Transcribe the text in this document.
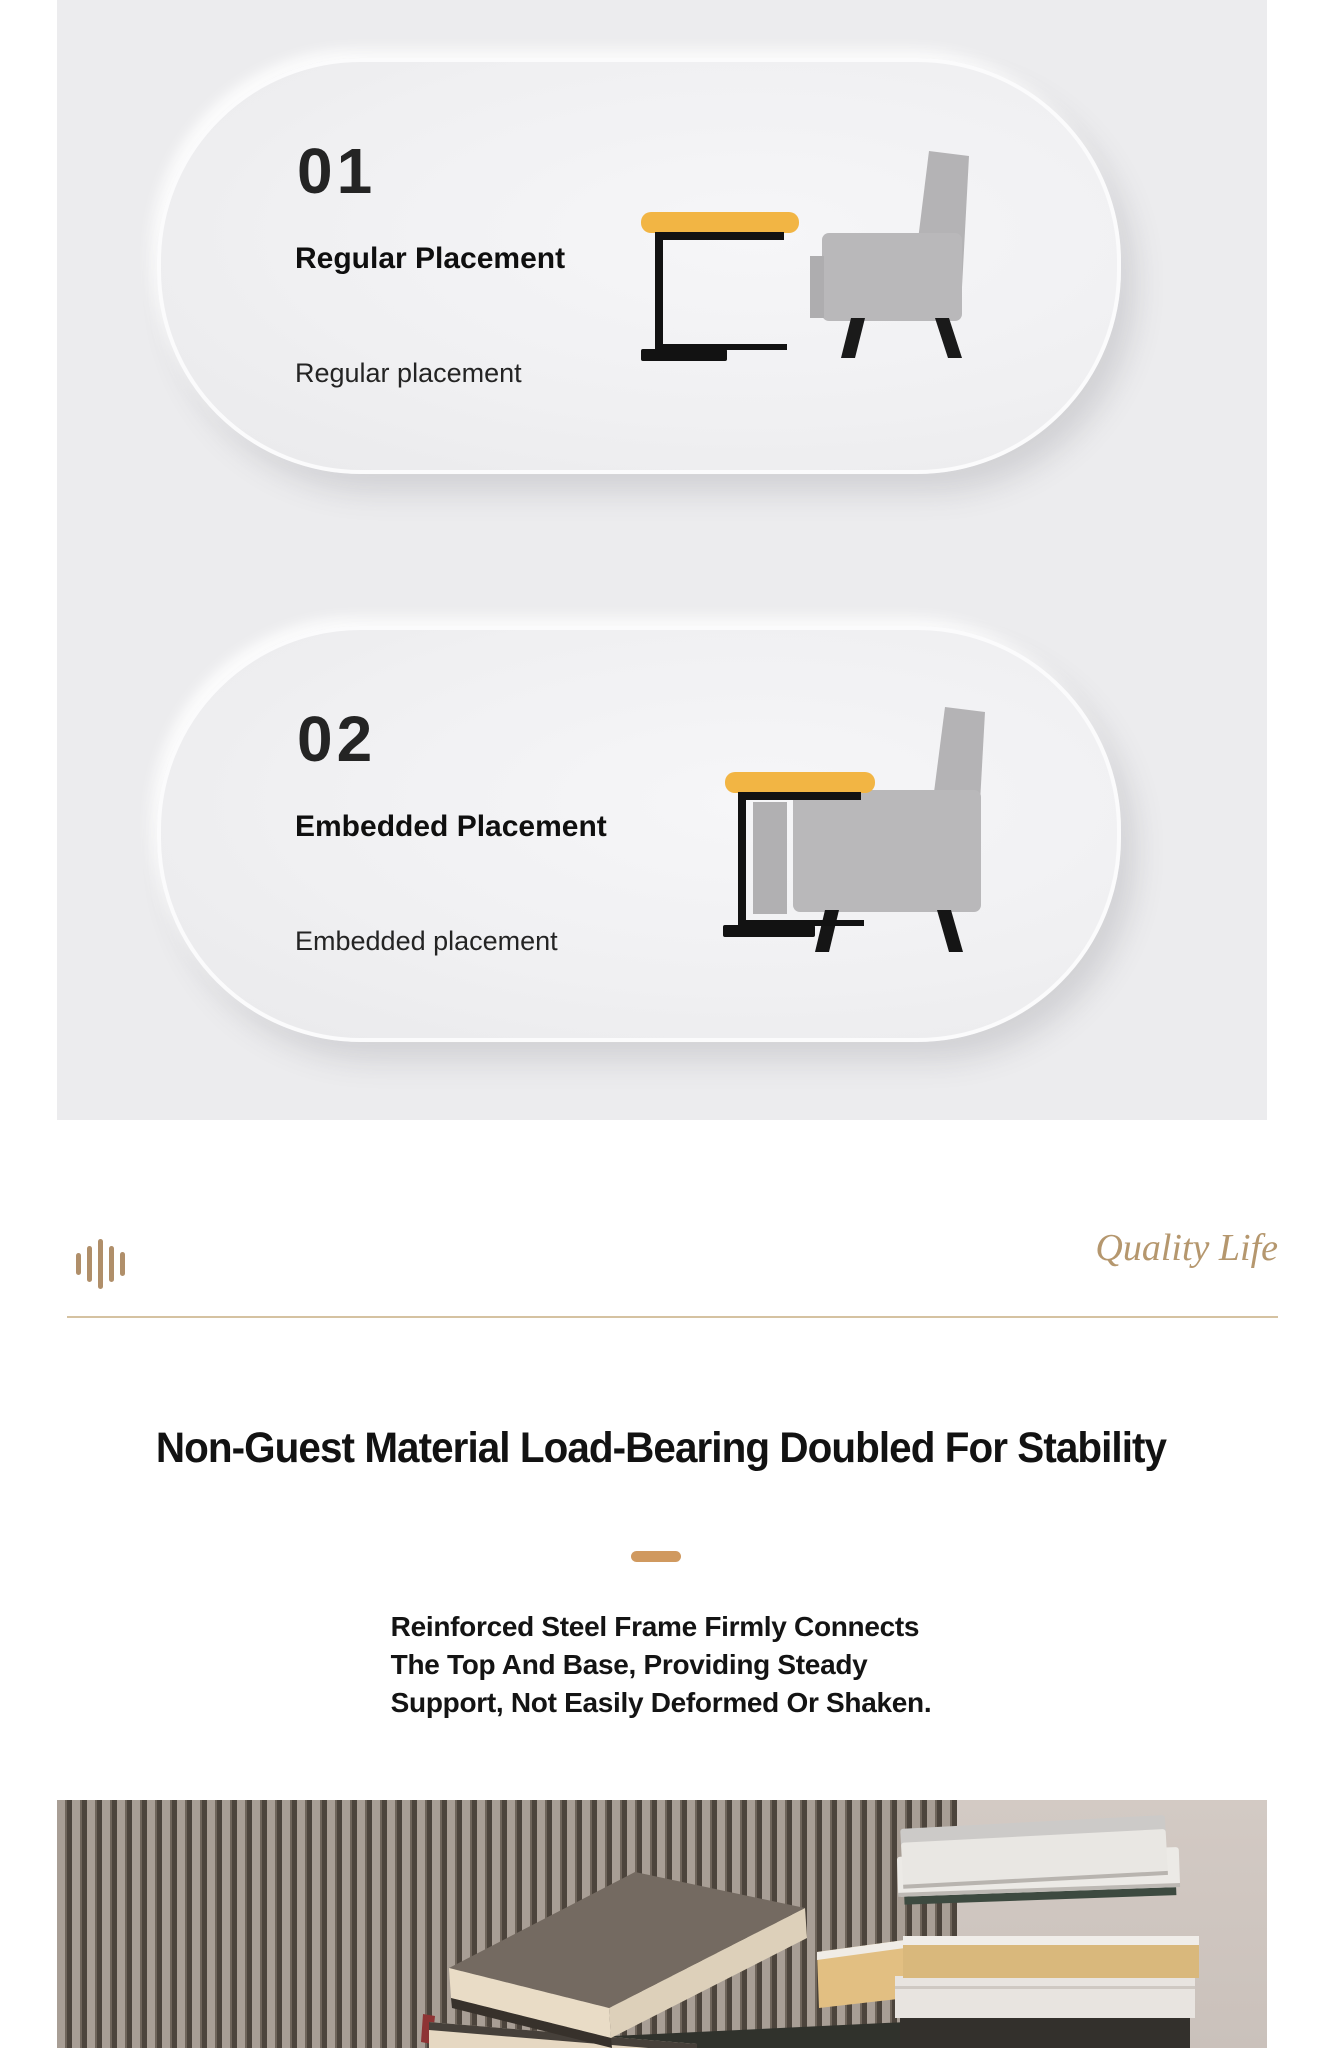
01
Regular Placement
Regular placement
02
Embedded Placement
Embedded placement
Quality Life
Non-Guest Material Load-Bearing Doubled For Stability
Reinforced Steel Frame Firmly Connects
The Top And Base, Providing Steady
Support, Not Easily Deformed Or Shaken.
